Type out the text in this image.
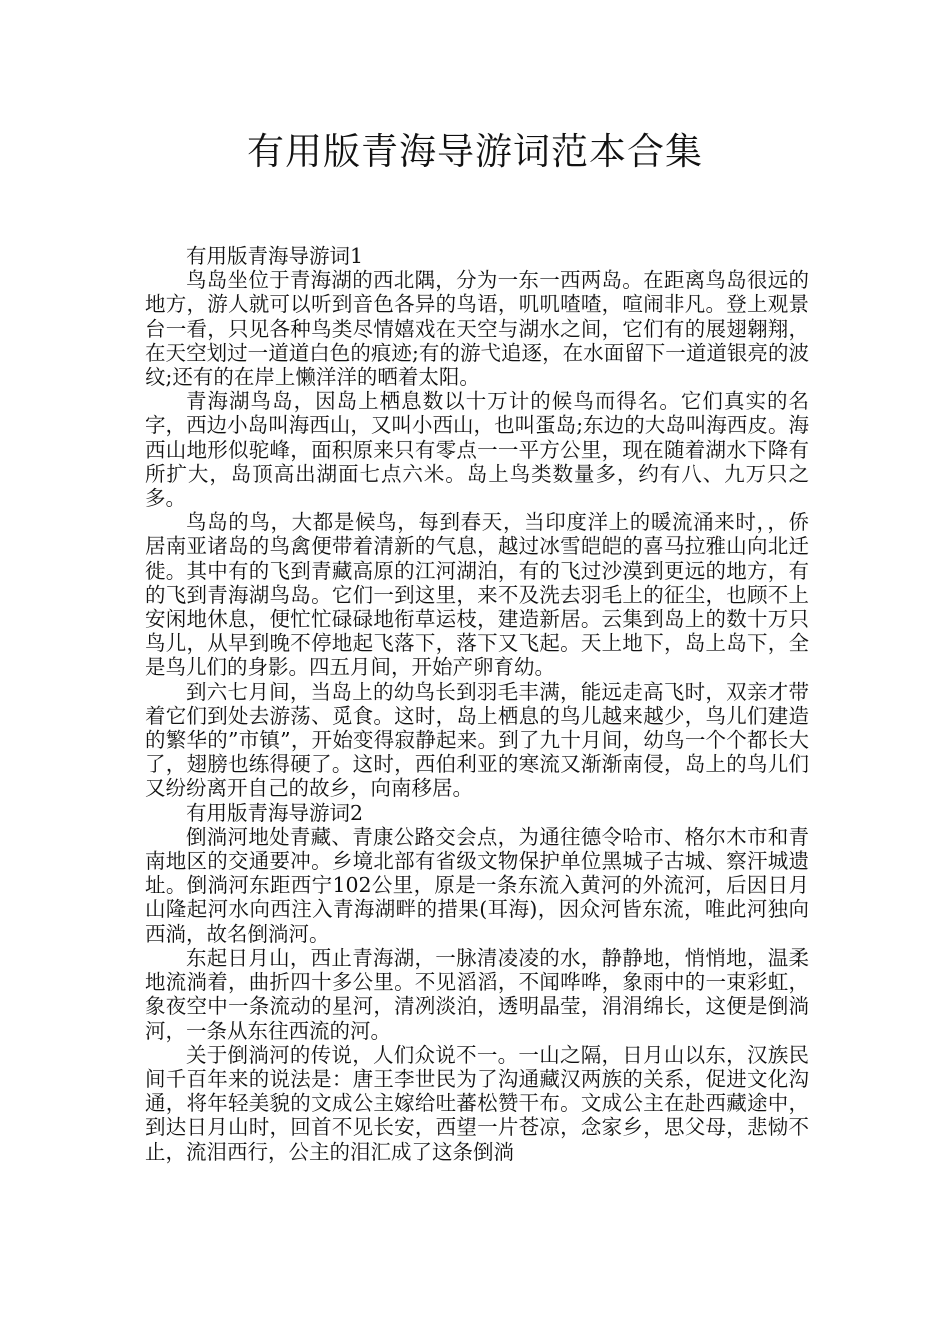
有用版青海导游词范本合集

有用版青海导游词1

鸟岛坐位于青海湖的西北隅，分为一东一西两岛。在距离鸟岛很远的地方，游人就可以听到音色各异的鸟语，叽叽喳喳，喧闹非凡。登上观景台一看，只见各种鸟类尽情嬉戏在天空与湖水之间，它们有的展翅翱翔，在天空划过一道道白色的痕迹;有的游弋追逐，在水面留下一道道银亮的波纹;还有的在岸上懒洋洋的晒着太阳。

青海湖鸟岛，因岛上栖息数以十万计的候鸟而得名。它们真实的名字，西边小岛叫海西山，又叫小西山，也叫蛋岛;东边的大岛叫海西皮。海西山地形似驼峰，面积原来只有零点一一平方公里，现在随着湖水下降有所扩大，岛顶高出湖面七点六米。岛上鸟类数量多，约有八、九万只之多。

鸟岛的鸟，大都是候鸟，每到春天，当印度洋上的暖流涌来时，，侨居南亚诸岛的鸟禽便带着清新的气息，越过冰雪皑皑的喜马拉雅山向北迁徙。其中有的飞到青藏高原的江河湖泊，有的飞过沙漠到更远的地方，有的飞到青海湖鸟岛。它们一到这里，来不及洗去羽毛上的征尘，也顾不上安闲地休息，便忙忙碌碌地衔草运枝，建造新居。云集到岛上的数十万只鸟儿，从早到晚不停地起飞落下，落下又飞起。天上地下，岛上岛下，全是鸟儿们的身影。四五月间，开始产卵育幼。

到六七月间，当岛上的幼鸟长到羽毛丰满，能远走高飞时，双亲才带着它们到处去游荡、觅食。这时，岛上栖息的鸟儿越来越少，鸟儿们建造的繁华的”市镇”，开始变得寂静起来。到了九十月间，幼鸟一个个都长大了，翅膀也练得硬了。这时，西伯利亚的寒流又渐渐南侵，岛上的鸟儿们又纷纷离开自己的故乡，向南移居。

有用版青海导游词2

倒淌河地处青藏、青康公路交会点，为通往德令哈市、格尔木市和青南地区的交通要冲。乡境北部有省级文物保护单位黑城子古城、察汗城遗址。倒淌河东距西宁102公里，原是一条东流入黄河的外流河，后因日月山隆起河水向西注入青海湖畔的措果(耳海)，因众河皆东流，唯此河独向西淌，故名倒淌河。

东起日月山，西止青海湖，一脉清凌凌的水，静静地，悄悄地，温柔地流淌着，曲折四十多公里。不见滔滔，不闻哗哗，象雨中的一束彩虹，象夜空中一条流动的星河，清冽淡泊，透明晶莹，涓涓绵长，这便是倒淌河，一条从东往西流的河。

关于倒淌河的传说，人们众说不一。一山之隔，日月山以东，汉族民间千百年来的说法是：唐王李世民为了沟通藏汉两族的关系，促进文化沟通，将年轻美貌的文成公主嫁给吐蕃松赞干布。文成公主在赴西藏途中，到达日月山时，回首不见长安，西望一片苍凉，念家乡，思父母，悲恸不止，流泪西行，公主的泪汇成了这条倒淌
